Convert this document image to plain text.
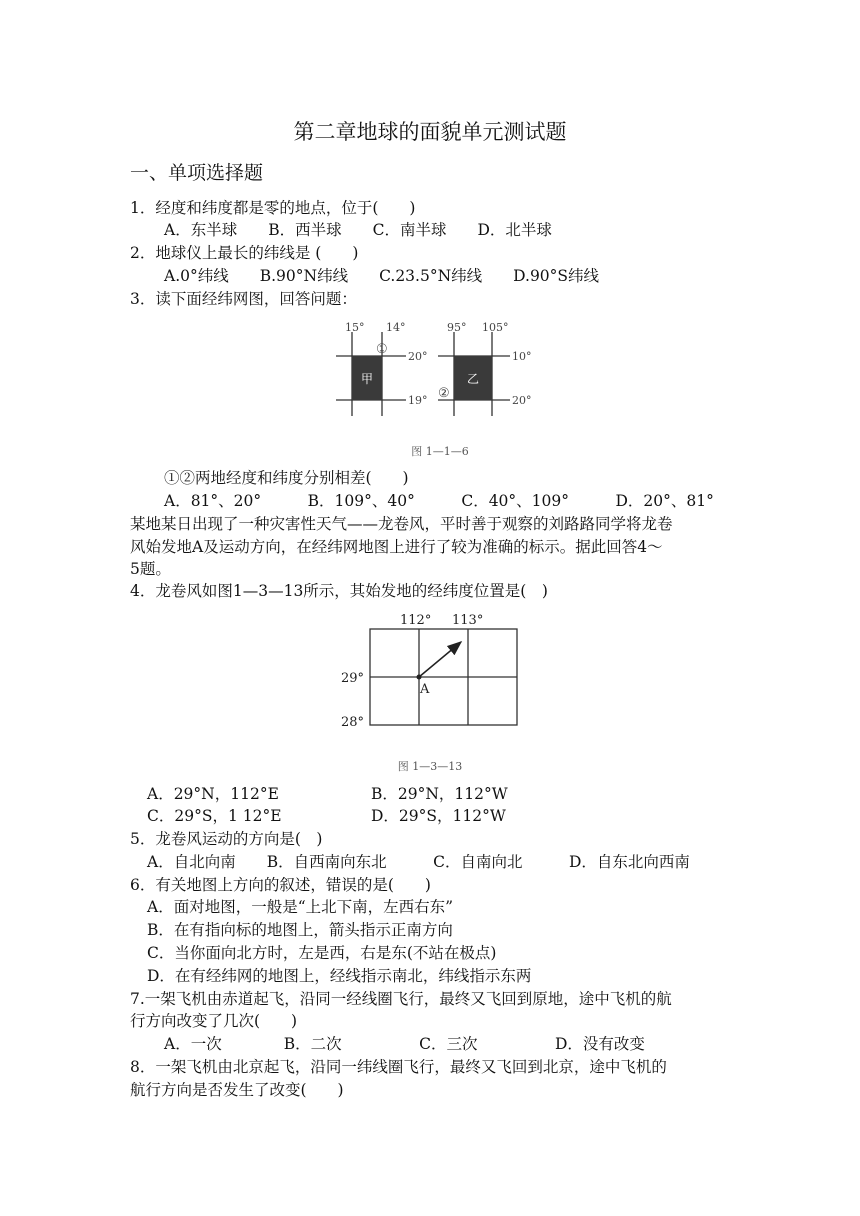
第二章地球的面貌单元测试题
一、单项选择题
1．经度和纬度都是零的地点，位于(　　)
A．东半球　　B．西半球　　C．南半球　　D．北半球
2．地球仪上最长的纬线是 (　　)
A.0°纬线　　B.90°N纬线　　C.23.5°N纬线　　D.90°S纬线
3．读下面经纬网图，回答问题：
甲
15° 14°
20°
19°
①
乙
95° 105°
10°
20°
②
图 1—1—6
①②两地经度和纬度分别相差(　　)
A．81°、20°　　　B．109°、40°　　　C．40°、109°　　　D．20°、81°
某地某日出现了一种灾害性天气——龙卷风，平时善于观察的刘路路同学将龙卷
风始发地A及运动方向，在经纬网地图上进行了较为准确的标示。据此回答4～
5题。
4．龙卷风如图1—3—13所示，其始发地的经纬度位置是(　)
A
112° 113°
29°
28°
图 1—3—13
A．29°N，112°E	B．29°N，112°W
C．29°S，1 12°E	D．29°S，112°W
5．龙卷风运动的方向是(　)
A．自北向南　　B．自西南向东北　　　C．自南向北　　　D．自东北向西南
6．有关地图上方向的叙述，错误的是(　　)
A．面对地图，一般是“上北下南，左西右东”
B．在有指向标的地图上，箭头指示正南方向
C．当你面向北方时，左是西，右是东(不站在极点)
D．在有经纬网的地图上，经线指示南北，纬线指示东两
7.一架飞机由赤道起飞，沿同一经线圈飞行，最终又飞回到原地，途中飞机的航
行方向改变了几次(　　)
A．一次　　　　B．二次　　　　　C．三次　　　　　D．没有改变
8．一架飞机由北京起飞，沿同一纬线圈飞行，最终又飞回到北京，途中飞机的
航行方向是否发生了改变(　　)
